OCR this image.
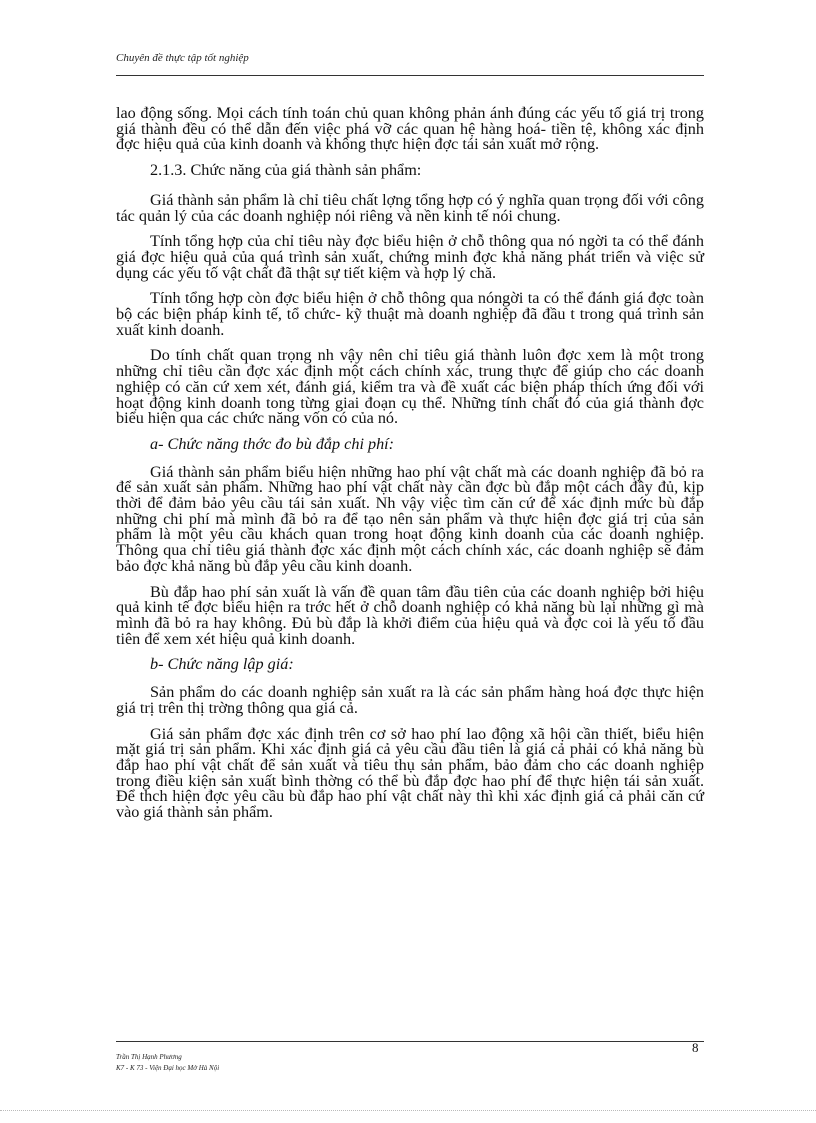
Chuyên đề thực tập tốt nghiệp

lao động sống. Mọi cách tính toán chủ quan không phản ánh đúng các yếu tố giá trị trong giá thành đều có thể dẫn đến việc phá vỡ các quan hệ hàng hoá- tiền tệ, không xác định đợc hiệu quả của kinh doanh và không thực hiện đợc tái sản xuất mở rộng.

2.1.3. Chức năng của giá thành sản phẩm:

Giá thành sản phẩm là chỉ tiêu chất lợng tổng hợp có ý nghĩa quan trọng đối với công tác quản lý của các doanh nghiệp nói riêng và nền kinh tế nói chung.

Tính tổng hợp của chỉ tiêu này đợc biểu hiện ở chỗ thông qua nó ngời ta có thể đánh giá đợc hiệu quả của quá trình sản xuất, chứng minh đợc khả năng phát triển và việc sử dụng các yếu tố vật chất đã thật sự tiết kiệm và hợp lý chă.

Tính tổng hợp còn đợc biểu hiện ở chỗ thông qua nóngời ta có thể đánh giá đợc toàn bộ các biện pháp kinh tế, tổ chức- kỹ thuật mà doanh nghiệp đã đầu t trong quá trình sản xuất kinh doanh.

Do tính chất quan trọng nh vậy nên chỉ tiêu giá thành luôn đợc xem là một trong những chỉ tiêu cần đợc xác định một cách chính xác, trung thực để giúp cho các doanh nghiệp có căn cứ xem xét, đánh giá, kiểm tra và đề xuất các biện pháp thích ứng đối với hoạt động kinh doanh tong từng giai đoạn cụ thể. Những tính chất đó của giá thành đợc biểu hiện qua các chức năng vốn có của nó.

a- Chức năng thớc đo bù đắp chi phí:

Giá thành sản phẩm biểu hiện những hao phí vật chất mà các doanh nghiệp đã bỏ ra để sản xuất sản phẩm. Những hao phí vật chất này cần đợc bù đắp một cách đầy đủ, kịp thời để đảm bảo yêu cầu tái sản xuất. Nh vậy việc tìm căn cứ để xác định mức bù đắp những chi phí mà mình đã bỏ ra để tạo nên sản phẩm và thực hiện đợc giá trị của sản phẩm là một yêu cầu khách quan trong hoạt động kinh doanh của các doanh nghiệp. Thông qua chỉ tiêu giá thành đợc xác định một cách chính xác, các doanh nghiệp sẽ đảm bảo đợc khả năng bù đắp yêu cầu kinh doanh.

Bù đắp hao phí sản xuất là vấn đề quan tâm đầu tiên của các doanh nghiệp bởi hiệu quả kinh tế đợc biểu hiện ra trớc hết ở chỗ doanh nghiệp có khả năng bù lại những gì mà mình đã bỏ ra hay không. Đủ bù đắp là khởi điểm của hiệu quả và đợc coi là yếu tố đầu tiên để xem xét hiệu quả kinh doanh.

b- Chức năng lập giá:

Sản phẩm do các doanh nghiệp sản xuất ra là các sản phẩm hàng hoá đợc thực hiện giá trị trên thị trờng thông qua giá cả.

Giá sản phẩm đợc xác định trên cơ sở hao phí lao động xã hội cần thiết, biểu hiện mặt giá trị sản phẩm. Khi xác định giá cả yêu cầu đầu tiên là giá cả phải có khả năng bù đắp hao phí vật chất để sản xuất và tiêu thụ sản phẩm, bảo đảm cho các doanh nghiệp trong điều kiện sản xuất bình thờng có thể bù đắp đợc hao phí để thực hiện tái sản xuất. Để thch hiện đợc yêu cầu bù đắp hao phí vật chất này thì khi xác định giá cả phải căn cứ vào giá thành sản phẩm.

8
Trần Thị Hạnh Phương
K7 - K 73 - Viện Đại học Mở Hà Nội
